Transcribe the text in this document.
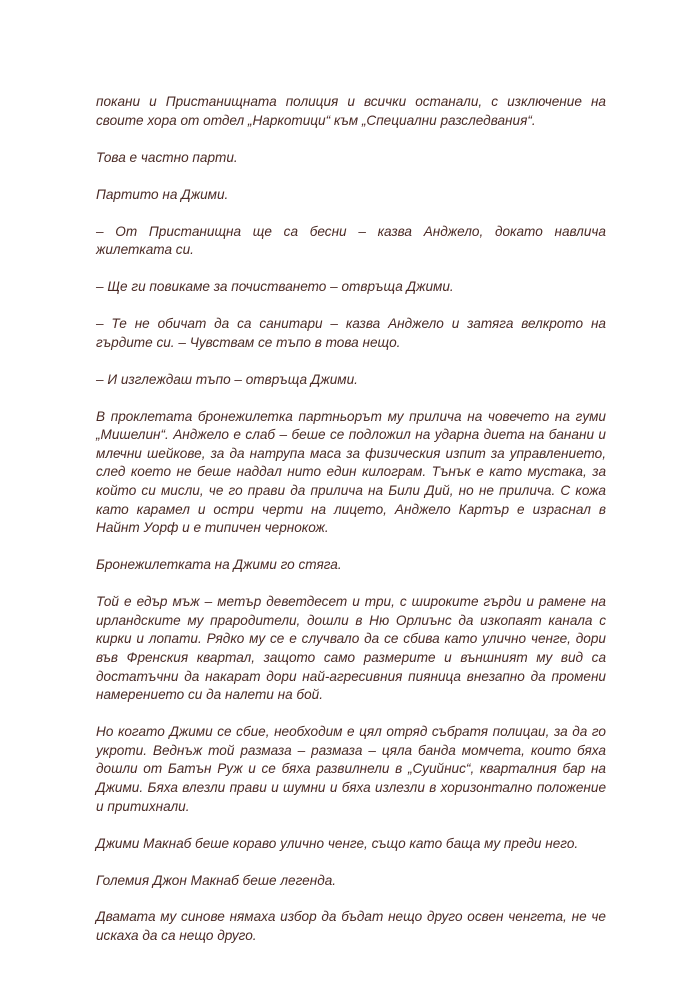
покани и Пристанищната полиция и всички останали, с изключение на своите хора от отдел „Наркотици“ към „Специални разследвания“.

Това е частно парти.

Партито на Джими.

– От Пристанищна ще са бесни – казва Анджело, докато навлича жилетката си.

– Ще ги повикаме за почистването – отвръща Джими.

– Те не обичат да са санитари – казва Анджело и затяга велкрото на гърдите си. – Чувствам се тъпо в това нещо.

– И изглеждаш тъпо – отвръща Джими.

В проклетата бронежилетка партньорът му прилича на човечето на гуми „Мишелин“. Анджело е слаб – беше се подложил на ударна диета на банани и млечни шейкове, за да натрупа маса за физическия изпит за управлението, след което не беше наддал нито един килограм. Тънък е като мустака, за който си мисли, че го прави да прилича на Били Дий, но не прилича. С кожа като карамел и остри черти на лицето, Анджело Картър е израснал в Найнт Уорф и е типичен чернокож.

Бронежилетката на Джими го стяга.

Той е едър мъж – метър деветдесет и три, с широките гърди и рамене на ирландските му прародители, дошли в Ню Орлиънс да изкопаят канала с кирки и лопати. Рядко му се е случвало да се сбива като улично ченге, дори във Френския квартал, защото само размерите и външният му вид са достатъчни да накарат дори най-агресивния пияница внезапно да промени намерението си да налети на бой.

Но когато Джими се сбие, необходим е цял отряд събратя полицаи, за да го укроти. Веднъж той размаза – размаза – цяла банда момчета, които бяха дошли от Батън Руж и се бяха развилнели в „Суийнис“, кварталния бар на Джими. Бяха влезли прави и шумни и бяха излезли в хоризонтално положение и притихнали.

Джими Макнаб беше кораво улично ченге, също като баща му преди него.

Големия Джон Макнаб беше легенда.

Двамата му синове нямаха избор да бъдат нещо друго освен ченгета, не че искаха да са нещо друго.
